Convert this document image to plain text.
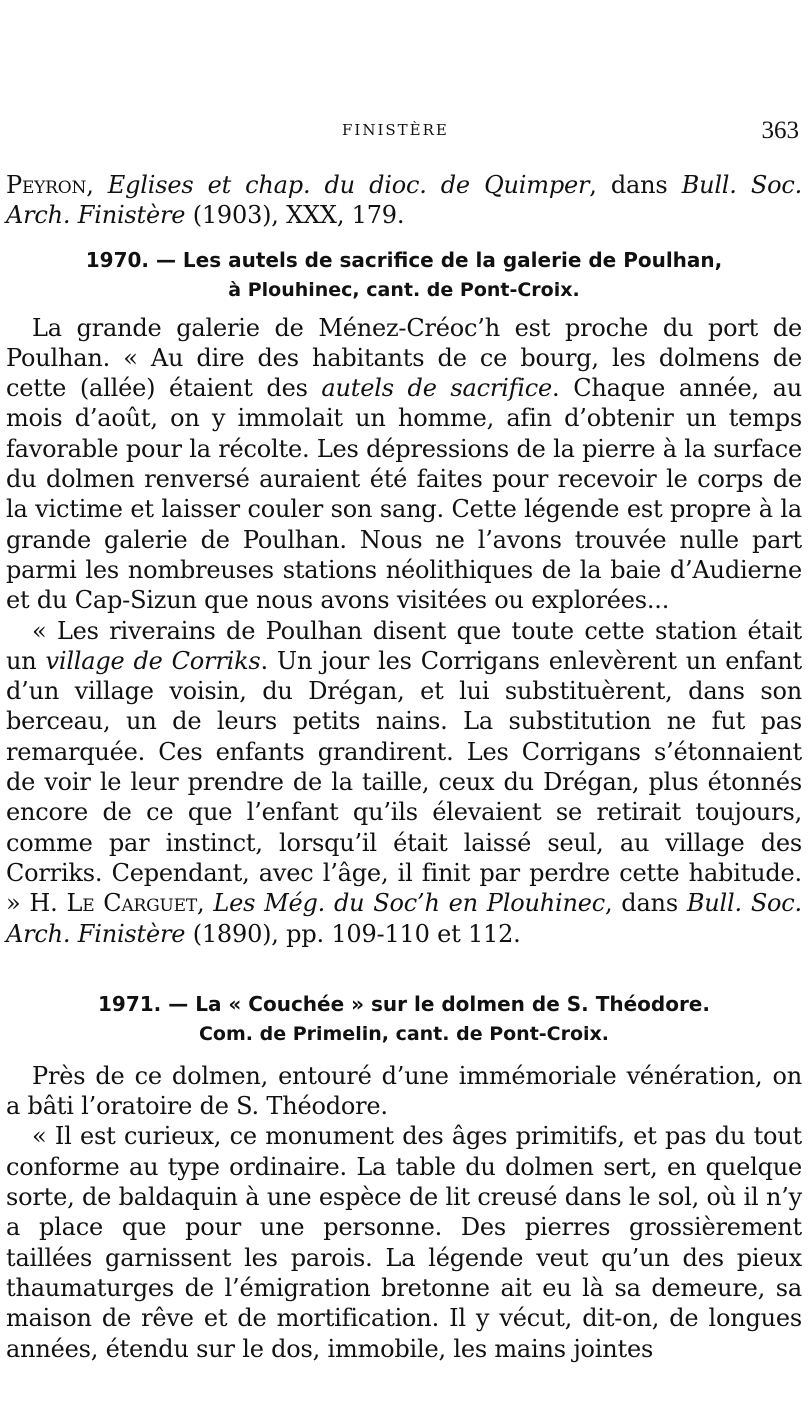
FINISTÈRE	363

Peyron, Eglises et chap. du dioc. de Quimper, dans Bull. Soc. Arch. Finistère (1903), XXX, 179.

1970. — Les autels de sacrifice de la galerie de Poulhan,

à Plouhinec, cant. de Pont-Croix.

La grande galerie de Ménez-Créoc’h est proche du port de Poulhan. « Au dire des habitants de ce bourg, les dolmens de cette (allée) étaient des autels de sacrifice. Chaque année, au mois d’août, on y immolait un homme, afin d’obtenir un temps favorable pour la récolte. Les dépressions de la pierre à la surface du dolmen renversé auraient été faites pour recevoir le corps de la victime et laisser couler son sang. Cette légende est propre à la grande galerie de Poulhan. Nous ne l’avons trouvée nulle part parmi les nombreuses stations néolithiques de la baie d’Audierne et du Cap-Sizun que nous avons visitées ou explorées...

« Les riverains de Poulhan disent que toute cette station était un village de Corriks. Un jour les Corrigans enlevèrent un enfant d’un village voisin, du Drégan, et lui substituèrent, dans son berceau, un de leurs petits nains. La substitution ne fut pas remarquée. Ces enfants grandirent. Les Corrigans s’étonnaient de voir le leur prendre de la taille, ceux du Drégan, plus étonnés encore de ce que l’enfant qu’ils élevaient se retirait toujours, comme par instinct, lorsqu’il était laissé seul, au village des Corriks. Cependant, avec l’âge, il finit par perdre cette habitude. » H. Le Carguet, Les Még. du Soc’h en Plouhinec, dans Bull. Soc. Arch. Finistère (1890), pp. 109-110 et 112.

1971. — La « Couchée » sur le dolmen de S. Théodore.

Com. de Primelin, cant. de Pont-Croix.

Près de ce dolmen, entouré d’une immémoriale vénération, on a bâti l’oratoire de S. Théodore.

« Il est curieux, ce monument des âges primitifs, et pas du tout conforme au type ordinaire. La table du dolmen sert, en quelque sorte, de baldaquin à une espèce de lit creusé dans le sol, où il n’y a place que pour une personne. Des pierres grossièrement taillées garnissent les parois. La légende veut qu’un des pieux thaumaturges de l’émigration bretonne ait eu là sa demeure, sa maison de rêve et de mortification. Il y vécut, dit-on, de longues années, étendu sur le dos, immobile, les mains jointes
